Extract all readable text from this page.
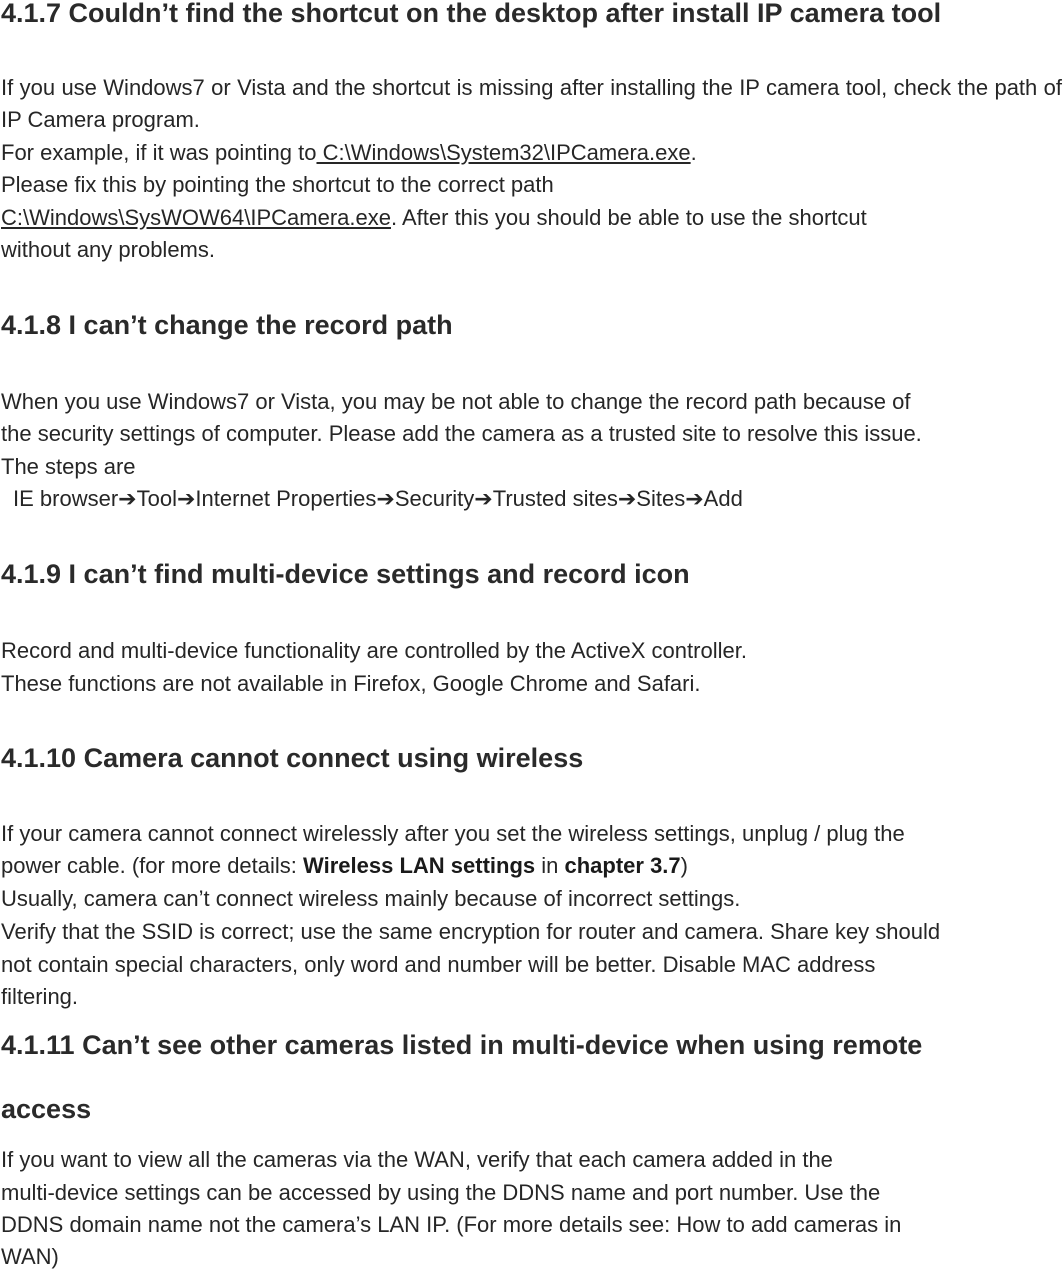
4.1.7 Couldn’t find the shortcut on the desktop after install IP camera tool

If you use Windows7 or Vista and the shortcut is missing after installing the IP camera tool, check the path of IP Camera program.

For example, if it was pointing to C:\Windows\System32\IPCamera.exe.

Please fix this by pointing the shortcut to the correct path

C:\Windows\SysWOW64\IPCamera.exe. After this you should be able to use the shortcut

without any problems.

4.1.8 I can’t change the record path

When you use Windows7 or Vista, you may be not able to change the record path because of

the security settings of computer. Please add the camera as a trusted site to resolve this issue.

The steps are

IE browser➔Tool➔Internet Properties➔Security➔Trusted sites➔Sites➔Add

4.1.9 I can’t find multi-device settings and record icon

Record and multi-device functionality are controlled by the ActiveX controller.

These functions are not available in Firefox, Google Chrome and Safari.

4.1.10 Camera cannot connect using wireless

If your camera cannot connect wirelessly after you set the wireless settings, unplug / plug the

power cable. (for more details: Wireless LAN settings in chapter 3.7)

Usually, camera can’t connect wireless mainly because of incorrect settings.

Verify that the SSID is correct; use the same encryption for router and camera. Share key should

not contain special characters, only word and number will be better. Disable MAC address

filtering.

4.1.11 Can’t see other cameras listed in multi-device when using remote
access

If you want to view all the cameras via the WAN, verify that each camera added in the

multi-device settings can be accessed by using the DDNS name and port number. Use the

DDNS domain name not the camera’s LAN IP. (For more details see: How to add cameras in

WAN)
